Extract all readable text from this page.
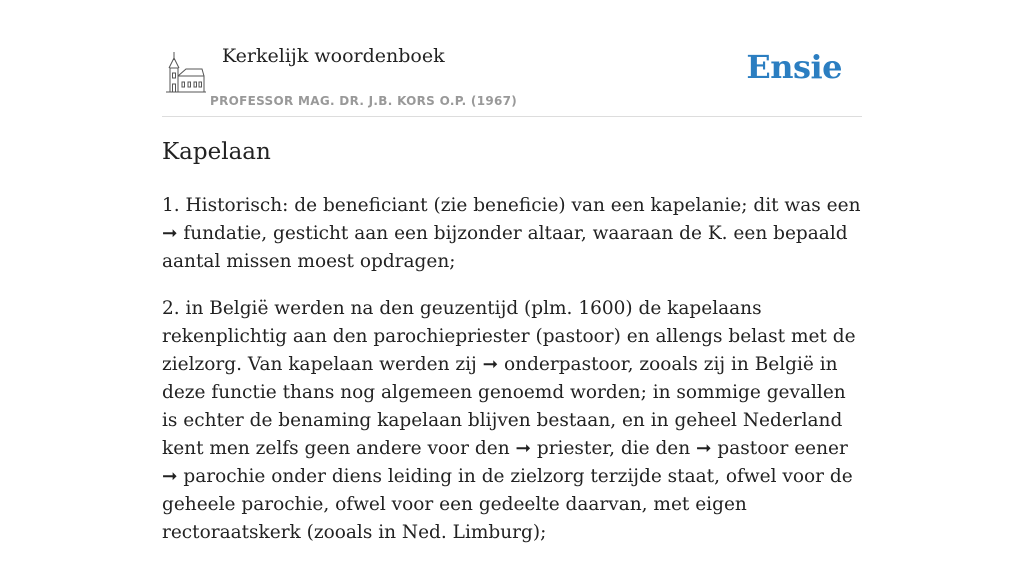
Kerkelijk woordenboek
PROFESSOR MAG. DR. J.B. KORS O.P. (1967)
Ensie
Kapelaan

1. Historisch: de beneficiant (zie beneficie) van een kapelanie; dit was een ➞ fundatie, gesticht aan een bijzonder altaar, waaraan de K. een bepaald aantal missen moest opdragen;

2. in België werden na den geuzentijd (plm. 1600) de kapelaans rekenplichtig aan den parochiepriester (pastoor) en allengs belast met de zielzorg. Van kapelaan werden zij ➞ onderpastoor, zooals zij in België in deze functie thans nog algemeen genoemd worden; in sommige gevallen is echter de benaming kapelaan blijven bestaan, en in geheel Nederland kent men zelfs geen andere voor den ➞ priester, die den ➞ pastoor eener ➞ parochie onder diens leiding in de zielzorg terzijde staat, ofwel voor de geheele parochie, ofwel voor een gedeelte daarvan, met eigen rectoraatskerk (zooals in Ned. Limburg);
